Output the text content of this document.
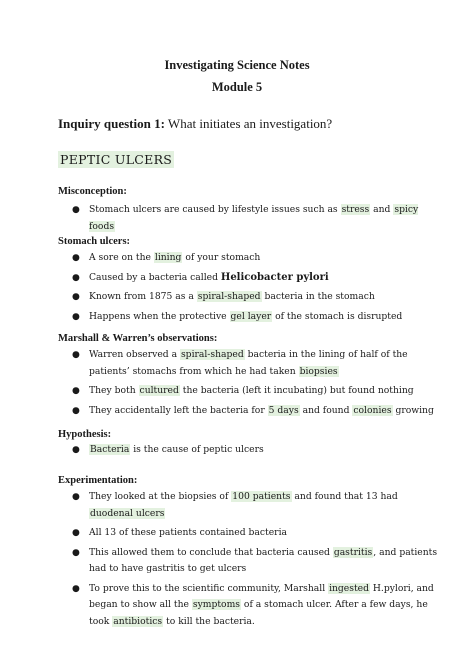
Investigating Science Notes
Module 5
Inquiry question 1: What initiates an investigation?
PEPTIC ULCERS
Misconception:
● Stomach ulcers are caused by lifestyle issues such as stress and spicy foods
Stomach ulcers:
● A sore on the lining of your stomach
● Caused by a bacteria called Helicobacter pylori
● Known from 1875 as a spiral-shaped bacteria in the stomach
● Happens when the protective gel layer of the stomach is disrupted
Marshall & Warren’s observations:
● Warren observed a spiral-shaped bacteria in the lining of half of the patients’ stomachs from which he had taken biopsies
● They both cultured the bacteria (left it incubating) but found nothing
● They accidentally left the bacteria for 5 days and found colonies growing
Hypothesis:
● Bacteria is the cause of peptic ulcers
Experimentation:
● They looked at the biopsies of 100 patients and found that 13 had duodenal ulcers
● All 13 of these patients contained bacteria
● This allowed them to conclude that bacteria caused gastritis, and patients had to have gastritis to get ulcers
● To prove this to the scientific community, Marshall ingested H.pylori, and began to show all the symptoms of a stomach ulcer. After a few days, he took antibiotics to kill the bacteria.
